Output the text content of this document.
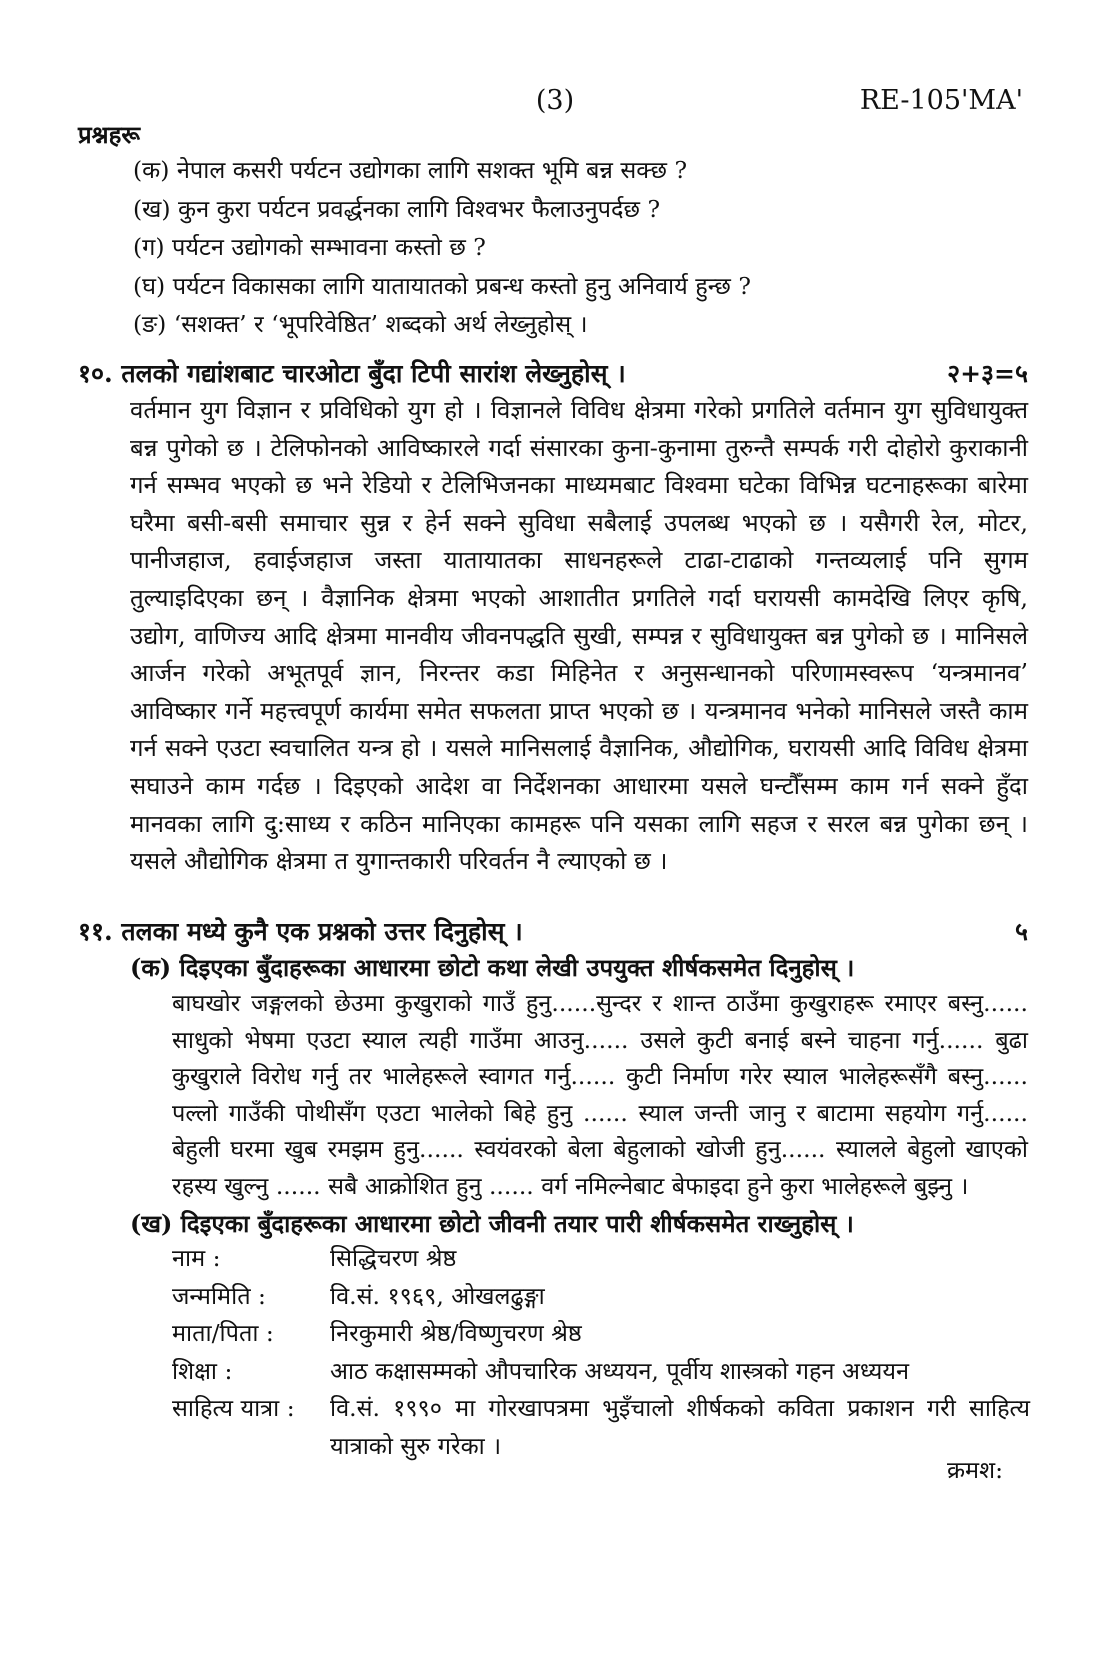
(3)	RE-105'MA'
प्रश्नहरू
(क) नेपाल कसरी पर्यटन उद्योगका लागि सशक्त भूमि बन्न सक्छ ?
(ख) कुन कुरा पर्यटन प्रवर्द्धनका लागि विश्वभर फैलाउनुपर्दछ ?
(ग) पर्यटन उद्योगको सम्भावना कस्तो छ ?
(घ) पर्यटन विकासका लागि यातायातको प्रबन्ध कस्तो हुनु अनिवार्य हुन्छ ?
(ङ) ‘सशक्त’ र ‘भूपरिवेष्ठित’ शब्दको अर्थ लेख्नुहोस् ।
१०. तलको गद्यांशबाट चारओटा बुँदा टिपी सारांश लेख्नुहोस् ।	२+३=५

वर्तमान युग विज्ञान र प्रविधिको युग हो । विज्ञानले विविध क्षेत्रमा गरेको प्रगतिले वर्तमान युग सुविधायुक्त बन्न पुगेको छ । टेलिफोनको आविष्कारले गर्दा संसारका कुना-कुनामा तुरुन्तै सम्पर्क गरी दोहोरो कुराकानी गर्न सम्भव भएको छ भने रेडियो र टेलिभिजनका माध्यमबाट विश्वमा घटेका विभिन्न घटनाहरूका बारेमा घरैमा बसी-बसी समाचार सुन्न र हेर्न सक्ने सुविधा सबैलाई उपलब्ध भएको छ । यसैगरी रेल, मोटर, पानीजहाज, हवाईजहाज जस्ता यातायातका साधनहरूले टाढा-टाढाको गन्तव्यलाई पनि सुगम तुल्याइदिएका छन् । वैज्ञानिक क्षेत्रमा भएको आशातीत प्रगतिले गर्दा घरायसी कामदेखि लिएर कृषि, उद्योग, वाणिज्य आदि क्षेत्रमा मानवीय जीवनपद्धति सुखी, सम्पन्न र सुविधायुक्त बन्न पुगेको छ । मानिसले आर्जन गरेको अभूतपूर्व ज्ञान, निरन्तर कडा मिहिनेत र अनुसन्धानको परिणामस्वरूप ‘यन्त्रमानव’ आविष्कार गर्ने महत्त्वपूर्ण कार्यमा समेत सफलता प्राप्त भएको छ । यन्त्रमानव भनेको मानिसले जस्तै काम गर्न सक्ने एउटा स्वचालित यन्त्र हो । यसले मानिसलाई वैज्ञानिक, औद्योगिक, घरायसी आदि विविध क्षेत्रमा सघाउने काम गर्दछ । दिइएको आदेश वा निर्देशनका आधारमा यसले घन्टौँसम्म काम गर्न सक्ने हुँदा मानवका लागि दु:साध्य र कठिन मानिएका कामहरू पनि यसका लागि सहज र सरल बन्न पुगेका छन् । यसले औद्योगिक क्षेत्रमा त युगान्तकारी परिवर्तन नै ल्याएको छ ।

११. तलका मध्ये कुनै एक प्रश्नको उत्तर दिनुहोस् ।	५
(क) दिइएका बुँदाहरूका आधारमा छोटो कथा लेखी उपयुक्त शीर्षकसमेत दिनुहोस् ।

बाघखोर जङ्गलको छेउमा कुखुराको गाउँ हुनु......सुन्दर र शान्त ठाउँमा कुखुराहरू रमाएर बस्नु...... साधुको भेषमा एउटा स्याल त्यही गाउँमा आउनु...... उसले कुटी बनाई बस्ने चाहना गर्नु...... बुढा कुखुराले विरोध गर्नु तर भालेहरूले स्वागत गर्नु...... कुटी निर्माण गरेर स्याल भालेहरूसँगै बस्नु...... पल्लो गाउँकी पोथीसँग एउटा भालेको बिहे हुनु ...... स्याल जन्ती जानु र बाटामा सहयोग गर्नु...... बेहुली घरमा खुब रमझम हुनु...... स्वयंवरको बेला बेहुलाको खोजी हुनु...... स्यालले बेहुलो खाएको रहस्य खुल्नु ...... सबै आक्रोशित हुनु ...... वर्ग नमिल्नेबाट बेफाइदा हुने कुरा भालेहरूले बुझ्नु ।

(ख) दिइएका बुँदाहरूका आधारमा छोटो जीवनी तयार पारी शीर्षकसमेत राख्नुहोस् ।
नाम :	सिद्धिचरण श्रेष्ठ
जन्ममिति :	वि.सं. १९६९, ओखलढुङ्गा
माता/पिता : निरकुमारी श्रेष्ठ/विष्णुचरण श्रेष्ठ
शिक्षा :	आठ कक्षासम्मको औपचारिक अध्ययन, पूर्वीय शास्त्रको गहन अध्ययन
साहित्य यात्रा : वि.सं. १९९० मा गोरखापत्रमा भुइँचालो शीर्षकको कविता प्रकाशन गरी साहित्य यात्राको सुरु गरेका ।
क्रमश:
